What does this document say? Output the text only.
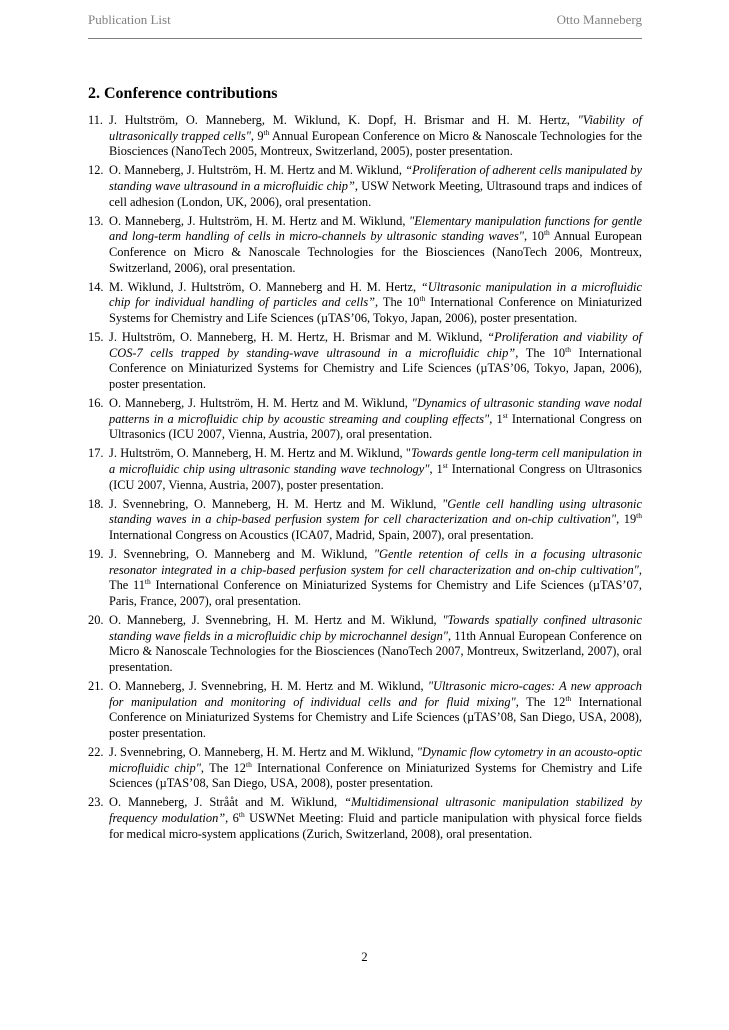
Publication List	Otto Manneberg
2. Conference contributions
11. J. Hultström, O. Manneberg, M. Wiklund, K. Dopf, H. Brismar and H. M. Hertz, "Viability of ultrasonically trapped cells", 9th Annual European Conference on Micro & Nanoscale Technologies for the Biosciences (NanoTech 2005, Montreux, Switzerland, 2005), poster presentation.
12. O. Manneberg, J. Hultström, H. M. Hertz and M. Wiklund, “Proliferation of adherent cells manipulated by standing wave ultrasound in a microfluidic chip”, USW Network Meeting, Ultrasound traps and indices of cell adhesion (London, UK, 2006), oral presentation.
13. O. Manneberg, J. Hultström, H. M. Hertz and M. Wiklund, "Elementary manipulation functions for gentle and long-term handling of cells in micro-channels by ultrasonic standing waves", 10th Annual European Conference on Micro & Nanoscale Technologies for the Biosciences (NanoTech 2006, Montreux, Switzerland, 2006), oral presentation.
14. M. Wiklund, J. Hultström, O. Manneberg and H. M. Hertz, “Ultrasonic manipulation in a microfluidic chip for individual handling of particles and cells”, The 10th International Conference on Miniaturized Systems for Chemistry and Life Sciences (µTAS’06, Tokyo, Japan, 2006), poster presentation.
15. J. Hultström, O. Manneberg, H. M. Hertz, H. Brismar and M. Wiklund, “Proliferation and viability of COS-7 cells trapped by standing-wave ultrasound in a microfluidic chip”, The 10th International Conference on Miniaturized Systems for Chemistry and Life Sciences (µTAS’06, Tokyo, Japan, 2006), poster presentation.
16. O. Manneberg, J. Hultström, H. M. Hertz and M. Wiklund, "Dynamics of ultrasonic standing wave nodal patterns in a microfluidic chip by acoustic streaming and coupling effects", 1st International Congress on Ultrasonics (ICU 2007, Vienna, Austria, 2007), oral presentation.
17. J. Hultström, O. Manneberg, H. M. Hertz and M. Wiklund, "Towards gentle long-term cell manipulation in a microfluidic chip using ultrasonic standing wave technology", 1st International Congress on Ultrasonics (ICU 2007, Vienna, Austria, 2007), poster presentation.
18. J. Svennebring, O. Manneberg, H. M. Hertz and M. Wiklund, "Gentle cell handling using ultrasonic standing waves in a chip-based perfusion system for cell characterization and on-chip cultivation", 19th International Congress on Acoustics (ICA07, Madrid, Spain, 2007), oral presentation.
19. J. Svennebring, O. Manneberg and M. Wiklund, "Gentle retention of cells in a focusing ultrasonic resonator integrated in a chip-based perfusion system for cell characterization and on-chip cultivation", The 11th International Conference on Miniaturized Systems for Chemistry and Life Sciences (µTAS’07, Paris, France, 2007), oral presentation.
20. O. Manneberg, J. Svennebring, H. M. Hertz and M. Wiklund, "Towards spatially confined ultrasonic standing wave fields in a microfluidic chip by microchannel design", 11th Annual European Conference on Micro & Nanoscale Technologies for the Biosciences (NanoTech 2007, Montreux, Switzerland, 2007), oral presentation.
21. O. Manneberg, J. Svennebring, H. M. Hertz and M. Wiklund, "Ultrasonic micro-cages: A new approach for manipulation and monitoring of individual cells and for fluid mixing", The 12th International Conference on Miniaturized Systems for Chemistry and Life Sciences (µTAS’08, San Diego, USA, 2008), poster presentation.
22. J. Svennebring, O. Manneberg, H. M. Hertz and M. Wiklund, "Dynamic flow cytometry in an acousto-optic microfluidic chip", The 12th International Conference on Miniaturized Systems for Chemistry and Life Sciences (µTAS’08, San Diego, USA, 2008), poster presentation.
23. O. Manneberg, J. Strååt and M. Wiklund, “Multidimensional ultrasonic manipulation stabilized by frequency modulation”, 6th USWNet Meeting: Fluid and particle manipulation with physical force fields for medical micro-system applications (Zurich, Switzerland, 2008), oral presentation.
2
